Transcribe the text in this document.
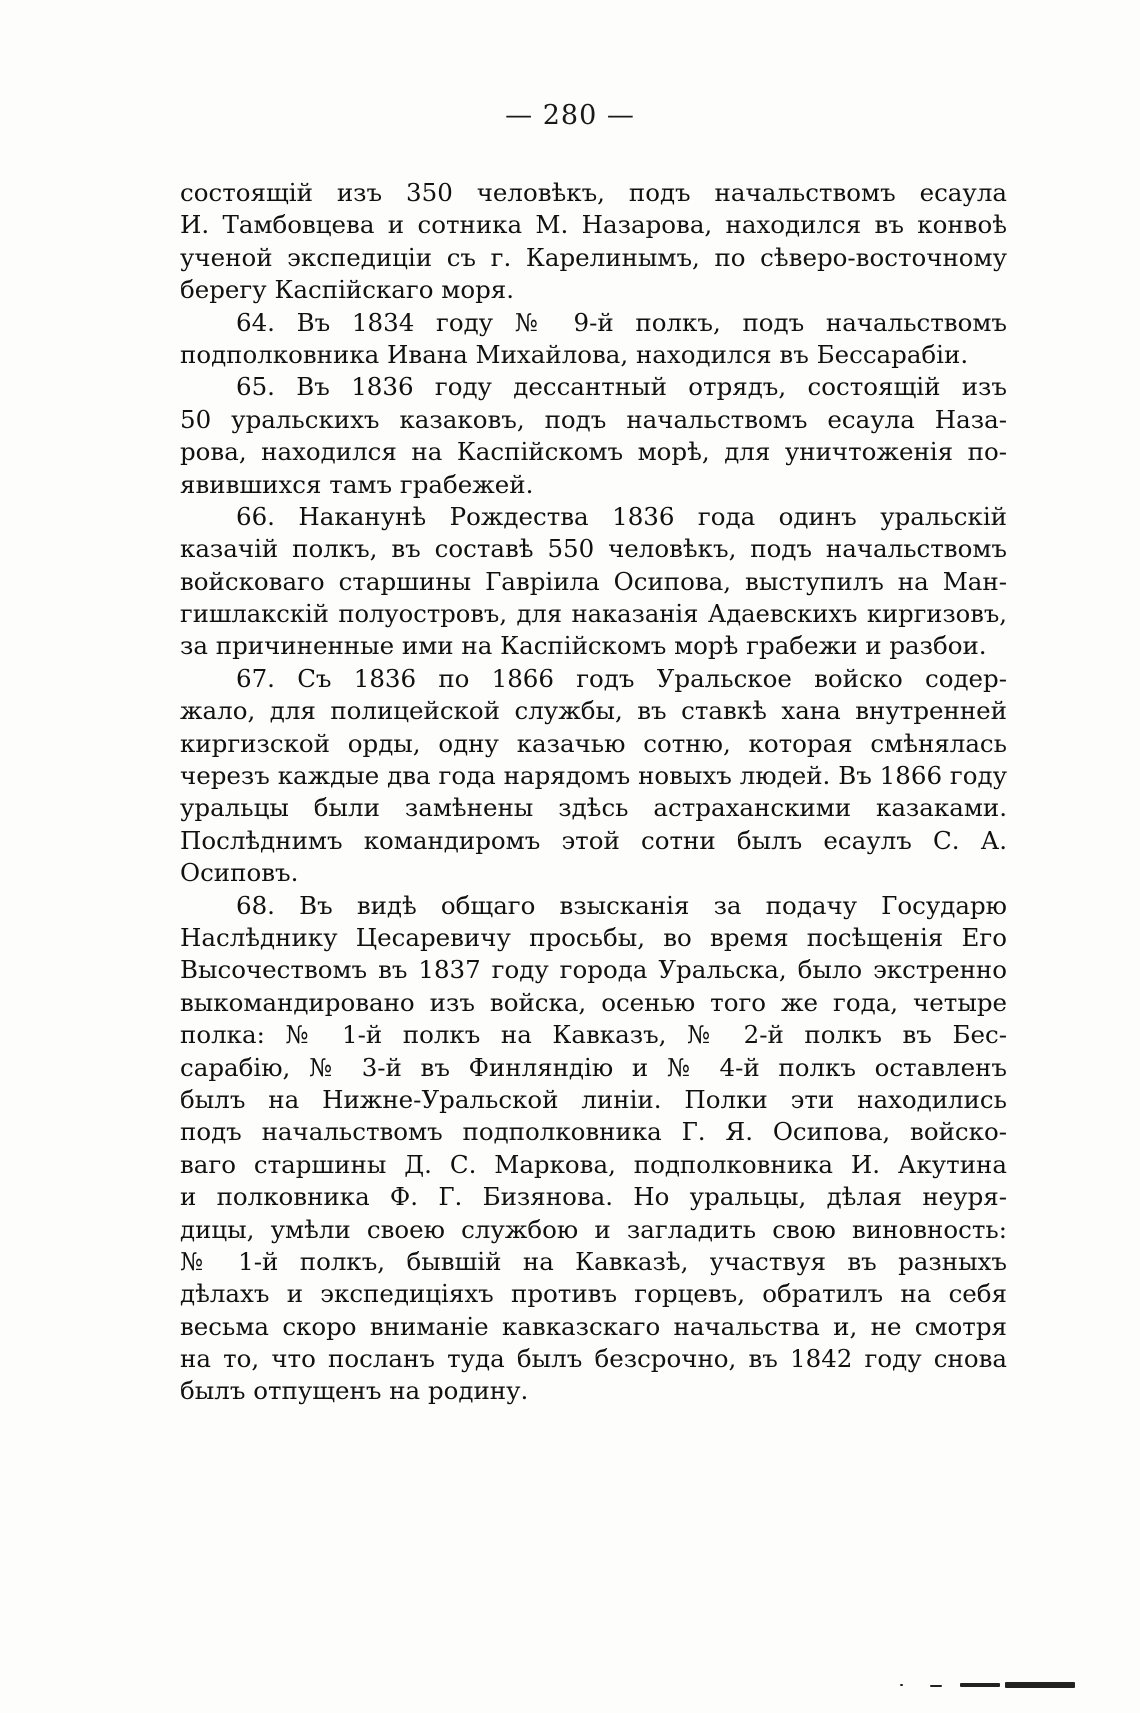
— 280 —
состоящій изъ 350 человѣкъ, подъ начальствомъ есаула
И. Тамбовцева и сотника М. Назарова, находился въ конвоѣ
ученой экспедиціи съ г. Карелинымъ, по сѣверо-восточному
берегу Каспійскаго моря.
64. Въ 1834 году № 9-й полкъ, подъ начальствомъ
подполковника Ивана Михайлова, находился въ Бессарабіи.
65. Въ 1836 году дессантный отрядъ, состоящій изъ
50 уральскихъ казаковъ, подъ начальствомъ есаула Наза-
рова, находился на Каспійскомъ морѣ, для уничтоженія по-
явившихся тамъ грабежей.
66. Наканунѣ Рождества 1836 года одинъ уральскій
казачій полкъ, въ составѣ 550 человѣкъ, подъ начальствомъ
войсковаго старшины Гавріила Осипова, выступилъ на Ман-
гишлакскій полуостровъ, для наказанія Адаевскихъ киргизовъ,
за причиненные ими на Каспійскомъ морѣ грабежи и разбои.
67. Съ 1836 по 1866 годъ Уральское войско содер-
жало, для полицейской службы, въ ставкѣ хана внутренней
киргизской орды, одну казачью сотню, которая смѣнялась
черезъ каждые два года нарядомъ новыхъ людей. Въ 1866 году
уральцы были замѣнены здѣсь астраханскими казаками.
Послѣднимъ командиромъ этой сотни былъ есаулъ С. А.
Осиповъ.
68. Въ видѣ общаго взысканія за подачу Государю
Наслѣднику Цесаревичу просьбы, во время посѣщенія Его
Высочествомъ въ 1837 году города Уральска, было экстренно
выкомандировано изъ войска, осенью того же года, четыре
полка: № 1-й полкъ на Кавказъ, № 2-й полкъ въ Бес-
сарабію, № 3-й въ Финляндію и № 4-й полкъ оставленъ
былъ на Нижне-Уральской линіи. Полки эти находились
подъ начальствомъ подполковника Г. Я. Осипова, войско-
ваго старшины Д. С. Маркова, подполковника И. Акутина
и полковника Ф. Г. Бизянова. Но уральцы, дѣлая неуря-
дицы, умѣли своею службою и загладить свою виновность:
№ 1-й полкъ, бывшій на Кавказѣ, участвуя въ разныхъ
дѣлахъ и экспедиціяхъ противъ горцевъ, обратилъ на себя
весьма скоро вниманіе кавказскаго начальства и, не смотря
на то, что посланъ туда былъ безсрочно, въ 1842 году снова
былъ отпущенъ на родину.
